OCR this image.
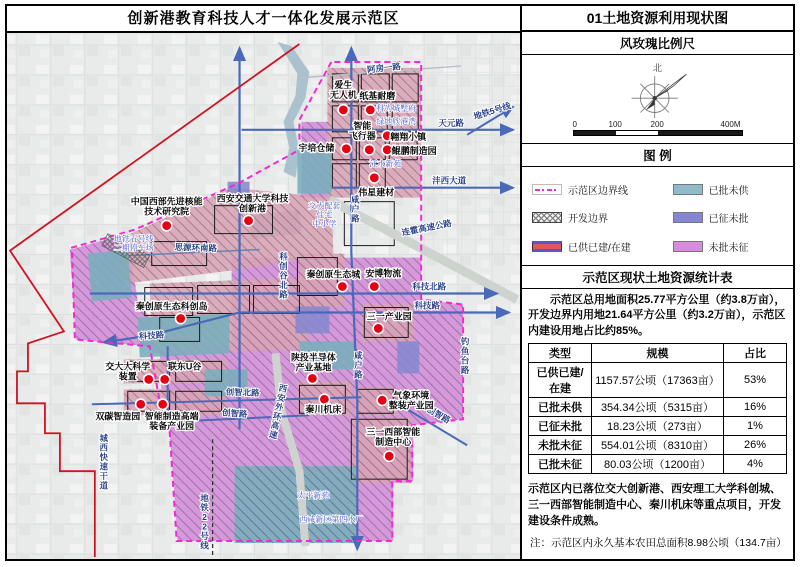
创新港教育科技人才一体化发展示范区
阿房一路
天元路
地铁5号线
沣西大道
连霍高速公路
咸户路
咸户路
思源环南路
科技北路
科技路
科技路
钓鱼台路
科创谷北路
创智北路
创智路	创智路
西安外环高速
城西快速干道
地铁 2 2 号线
科为城墅府
绿地欣港湾
江水新苑
交大配套住宅中小学
地铁五号线二期停车场
太平新苑
西咸新区第四水厂
爱生无人机 纸基耐磨
智能飞行器 翱翔小镇
宇培仓储	鲲鹏制造园
伟星建材
中国西部先进核能技术研究院
西安交通大学科技创新港
秦创原生态科创岛
秦创原生态城 安博物流
三一产业园
陕投半导体产业基地
秦川机床
气象环境整装产业园
三一西部智能制造中心
交大大科学装置
联东U谷
双碳智造园 智能制造高端装备产业园
01土地资源利用现状图
风玫瑰比例尺
北
0	100	200	400M
图 例
示范区边界线
开发边界
已供已建/在建
已批未供
已征未批
未批未征
示范区现状土地资源统计表
示范区总用地面积25.77平方公里（约3.8万亩），开发边界内用地21.64平方公里（约3.2万亩），示范区内建设用地占比约85%。
类型	规模	占比
已供已建/在建	1157.57公顷（17363亩）	53%
已批未供	354.34公顷（5315亩）	16%
已征未批	18.23公顷（273亩）	1%
未批未征	554.01公顷（8310亩）	26%
已批未征	80.03公顷（1200亩）	4%
示范区内已落位交大创新港、西安理工大学科创城、三一西部智能制造中心、秦川机床等重点项目，开发建设条件成熟。
注：示范区内永久基本农田总面积8.98公顷（134.7亩）
